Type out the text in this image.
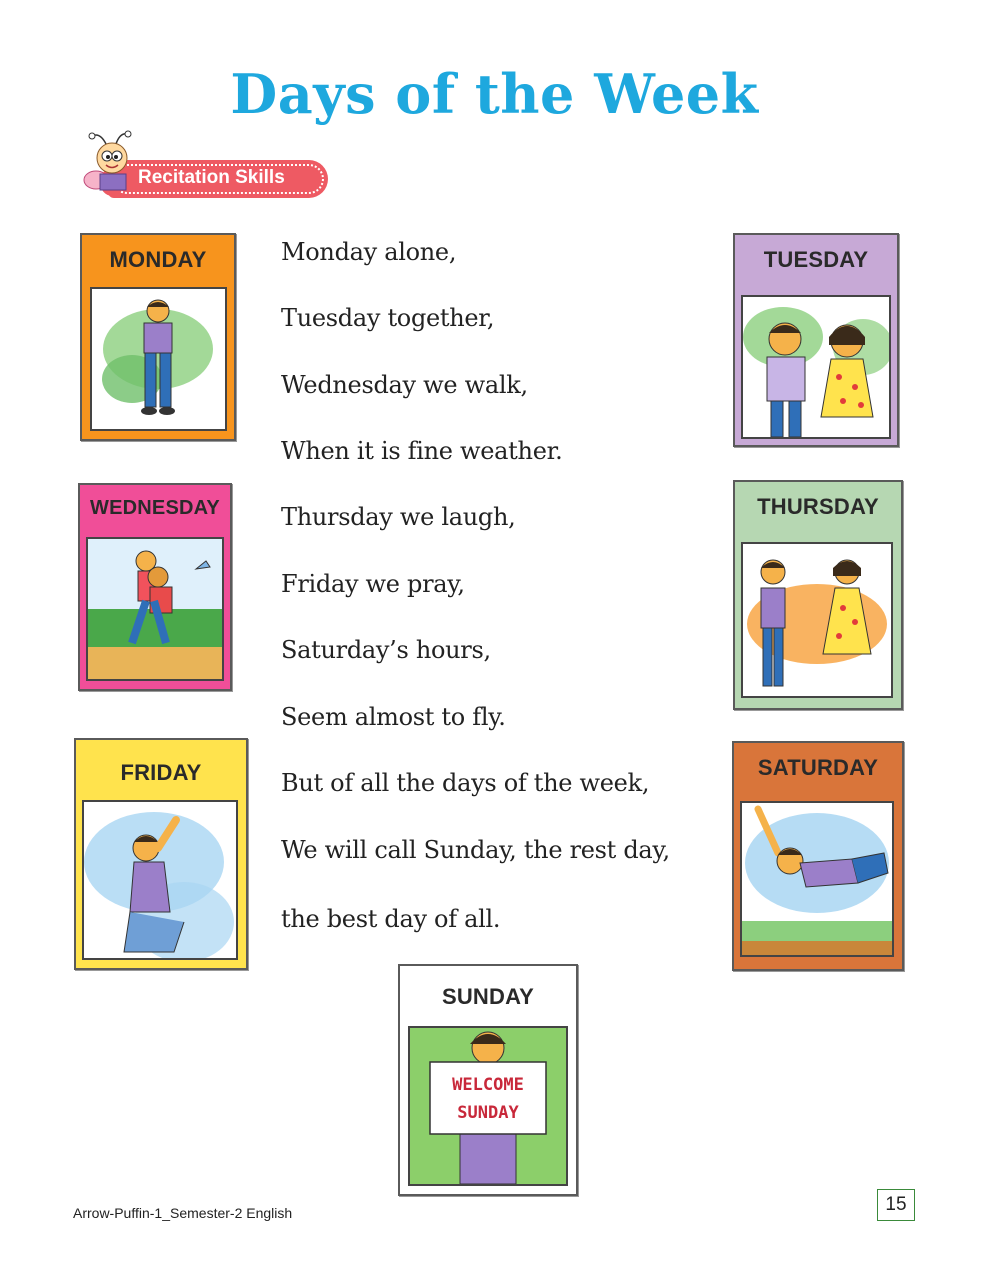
Days of the Week
Recitation Skills
MONDAY
WEDNESDAY
FRIDAY
TUESDAY
THURSDAY
SATURDAY
SUNDAY
WELCOME
SUNDAY
Monday alone,
Tuesday together,
Wednesday we walk,
When it is fine weather.
Thursday we laugh,
Friday we pray,
Saturday’s hours,
Seem almost to fly.
But of all the days of the week,
We will call Sunday, the rest day,
the best day of all.
Arrow-Puffin-1_Semester-2 English	15
